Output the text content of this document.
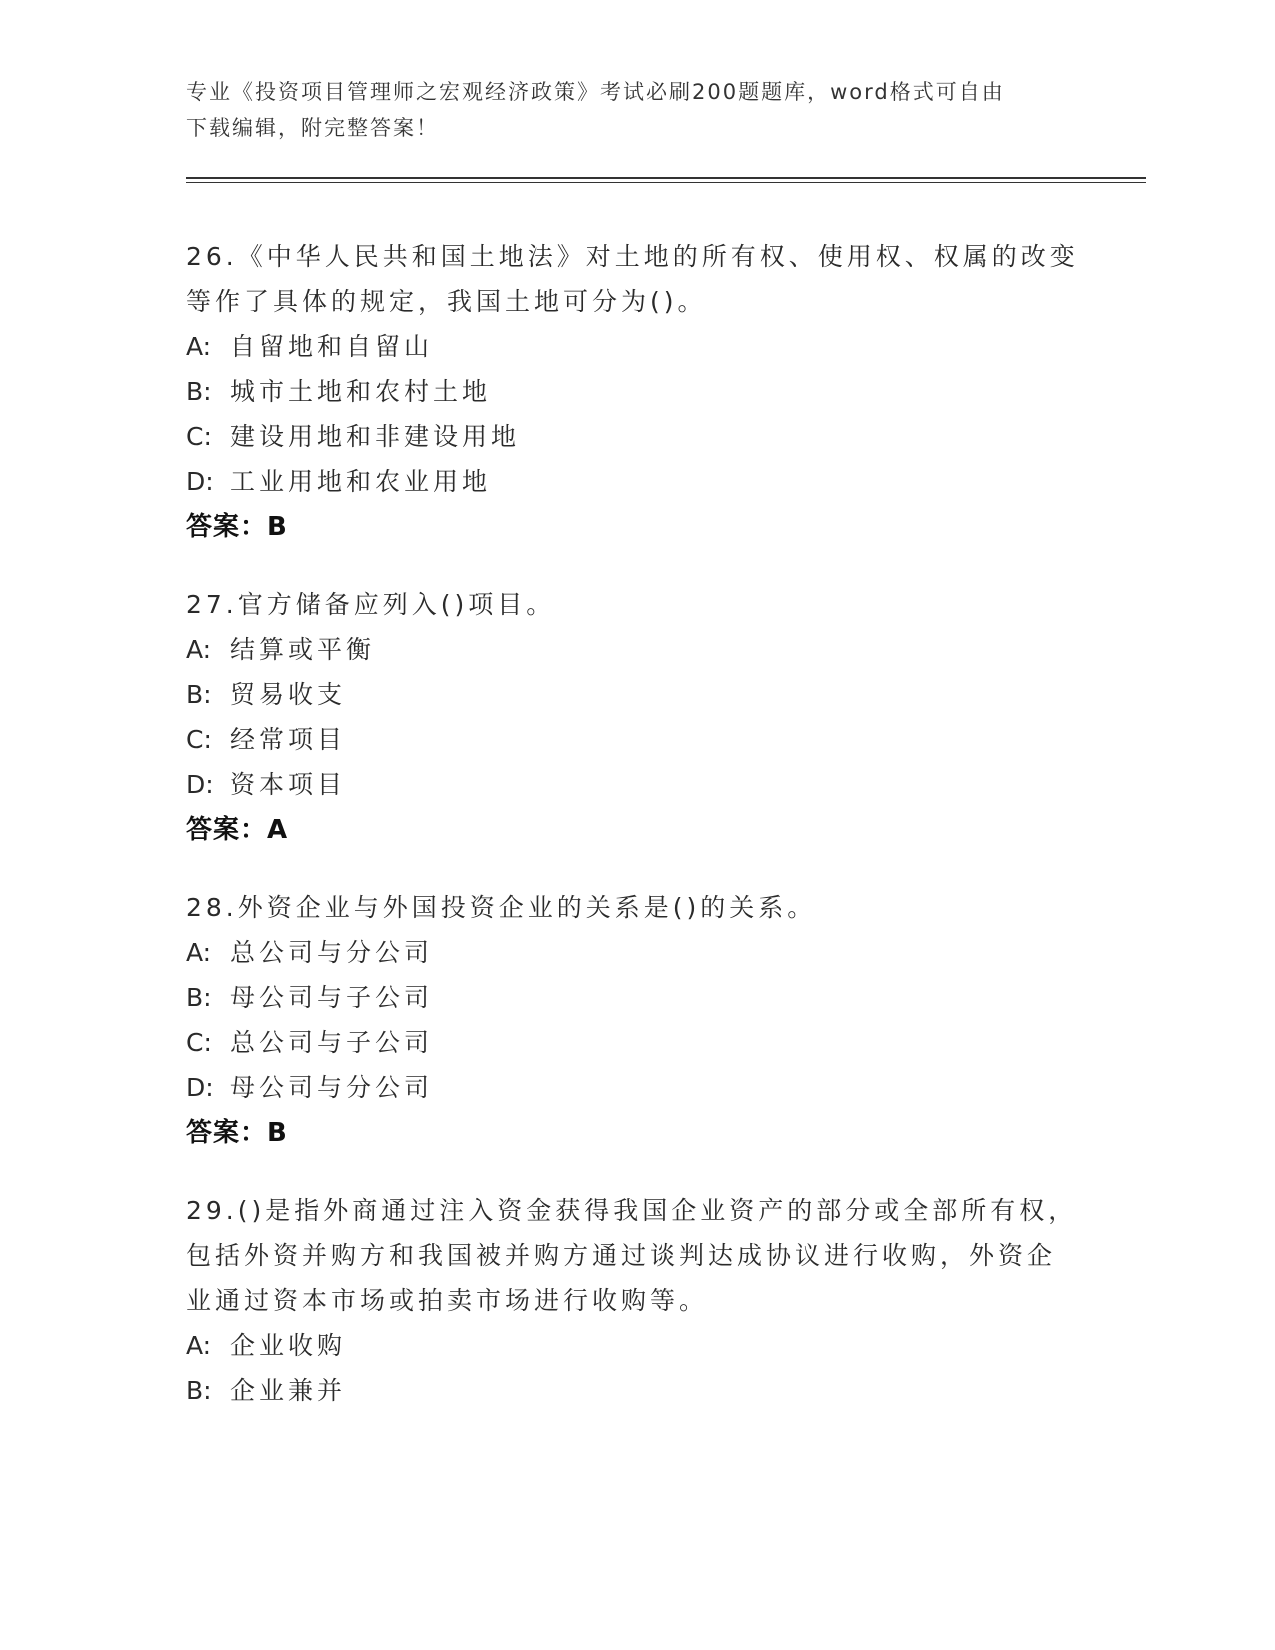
专业《投资项目管理师之宏观经济政策》考试必刷200题题库，word格式可自由
下载编辑，附完整答案！
26.《中华人民共和国土地法》对土地的所有权、使用权、权属的改变
等作了具体的规定，我国土地可分为()。
A: 自留地和自留山
B: 城市土地和农村土地
C: 建设用地和非建设用地
D: 工业用地和农业用地
答案：B
27.官方储备应列入()项目。
A: 结算或平衡
B: 贸易收支
C: 经常项目
D: 资本项目
答案：A
28.外资企业与外国投资企业的关系是()的关系。
A: 总公司与分公司
B: 母公司与子公司
C: 总公司与子公司
D: 母公司与分公司
答案：B
29.()是指外商通过注入资金获得我国企业资产的部分或全部所有权，
包括外资并购方和我国被并购方通过谈判达成协议进行收购，外资企
业通过资本市场或拍卖市场进行收购等。
A: 企业收购
B: 企业兼并
